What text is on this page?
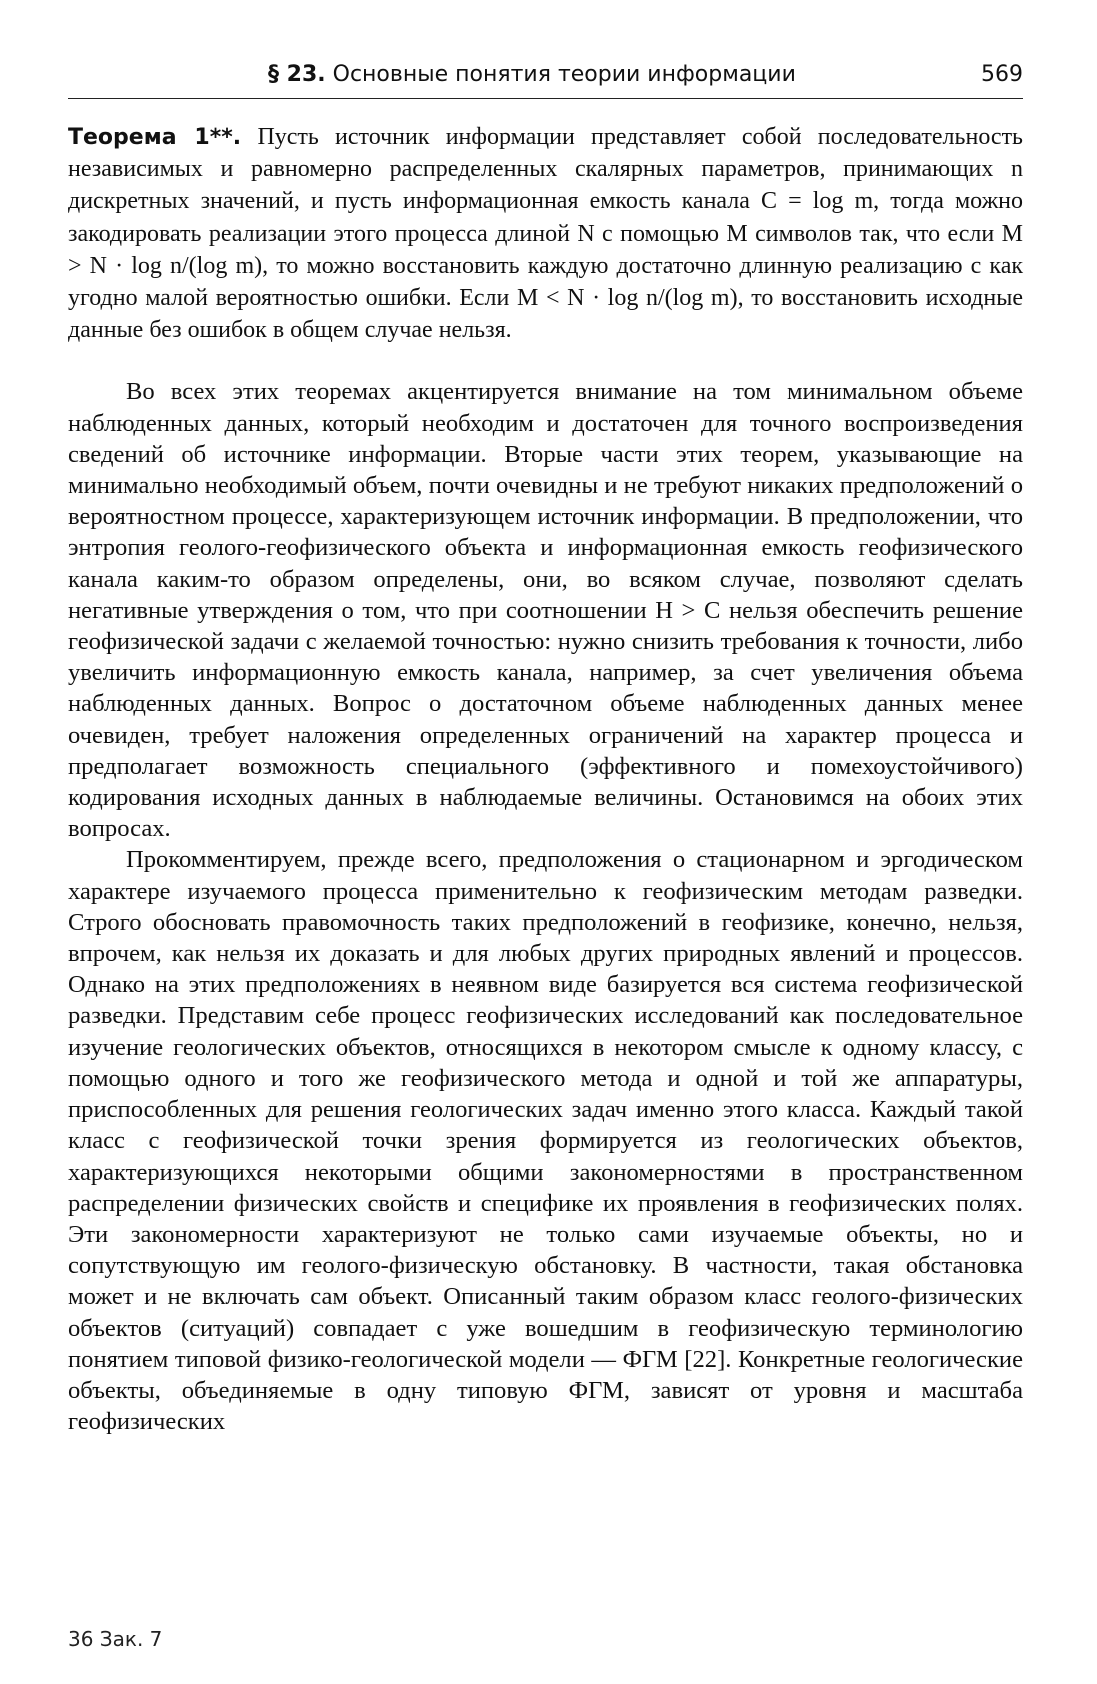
§ 23. Основные понятия теории информации	569
Теорема 1**. Пусть источник информации представляет собой последовательность независимых и равномерно распределенных скалярных параметров, принимающих n дискретных значений, и пусть информационная емкость канала C = log m, тогда можно закодировать реализации этого процесса длиной N с помощью M символов так, что если M > N · log n/(log m), то можно восстановить каждую достаточно длинную реализацию с как угодно малой вероятностью ошибки. Если M < N · log n/(log m), то восстановить исходные данные без ошибок в общем случае нельзя.

Во всех этих теоремах акцентируется внимание на том минимальном объеме наблюденных данных, который необходим и достаточен для точного воспроизведения сведений об источнике информации. Вторые части этих теорем, указывающие на минимально необходимый объем, почти очевидны и не требуют никаких предположений о вероятностном процессе, характеризующем источник информации. В предположении, что энтропия геолого-геофизического объекта и информационная емкость геофизического канала каким-то образом определены, они, во всяком случае, позволяют сделать негативные утверждения о том, что при соотношении H > C нельзя обеспечить решение геофизической задачи с желаемой точностью: нужно снизить требования к точности, либо увеличить информационную емкость канала, например, за счет увеличения объема наблюденных данных. Вопрос о достаточном объеме наблюденных данных менее очевиден, требует наложения определенных ограничений на характер процесса и предполагает возможность специального (эффективного и помехоустойчивого) кодирования исходных данных в наблюдаемые величины. Остановимся на обоих этих вопросах.

Прокомментируем, прежде всего, предположения о стационарном и эргодическом характере изучаемого процесса применительно к геофизическим методам разведки. Строго обосновать правомочность таких предположений в геофизике, конечно, нельзя, впрочем, как нельзя их доказать и для любых других природных явлений и процессов. Однако на этих предположениях в неявном виде базируется вся система геофизической разведки. Представим себе процесс геофизических исследований как последовательное изучение геологических объектов, относящихся в некотором смысле к одному классу, с помощью одного и того же геофизического метода и одной и той же аппаратуры, приспособленных для решения геологических задач именно этого класса. Каждый такой класс с геофизической точки зрения формируется из геологических объектов, характеризующихся некоторыми общими закономерностями в пространственном распределении физических свойств и специфике их проявления в геофизических полях. Эти закономерности характеризуют не только сами изучаемые объекты, но и сопутствующую им геолого-физическую обстановку. В частности, такая обстановка может и не включать сам объект. Описанный таким образом класс геолого-физических объектов (ситуаций) совпадает с уже вошедшим в геофизическую терминологию понятием типовой физико-геологической модели — ФГМ [22]. Конкретные геологические объекты, объединяемые в одну типовую ФГМ, зависят от уровня и масштаба геофизических

36 Зак. 7
